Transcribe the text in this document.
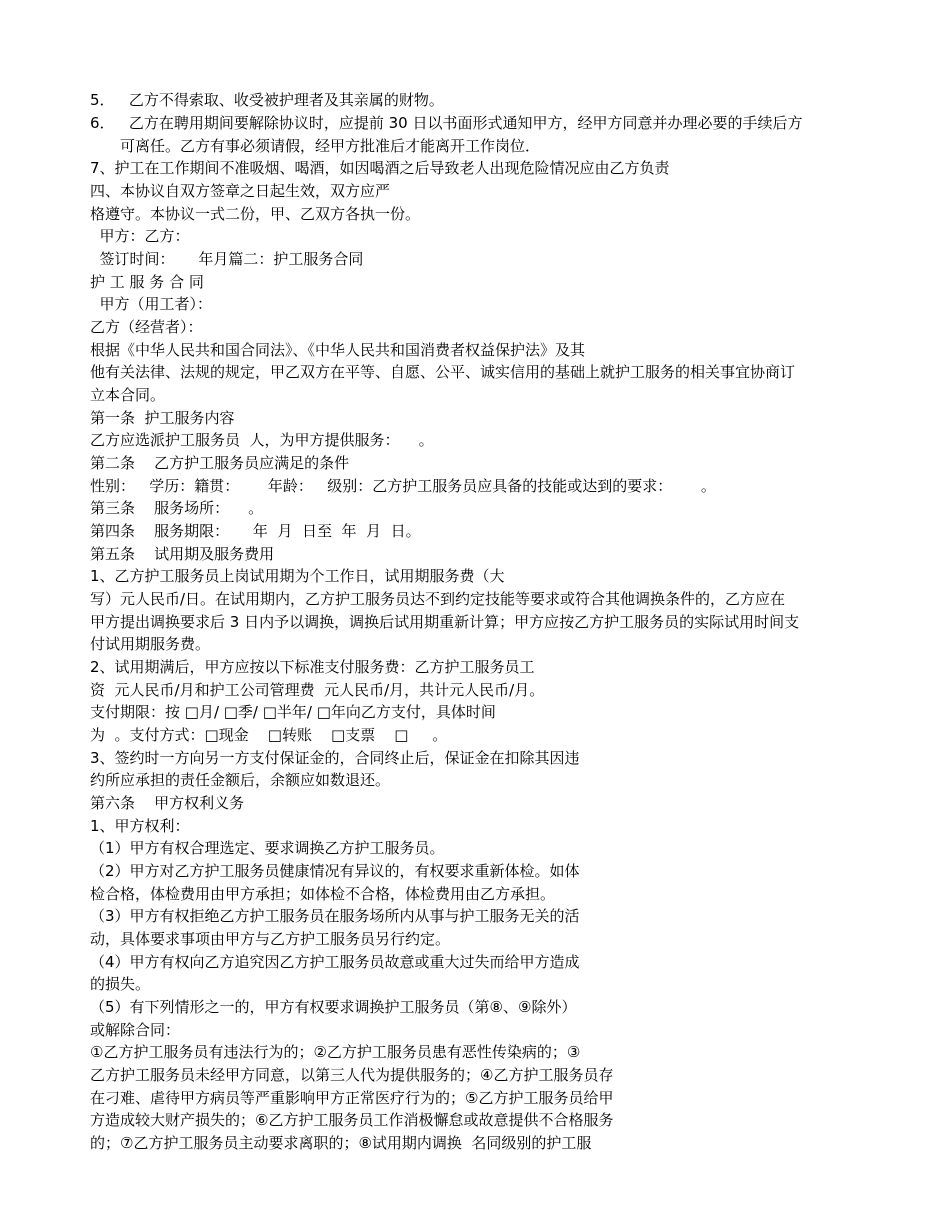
5．   乙方不得索取、收受被护理者及其亲属的财物。
6．   乙方在聘用期间要解除协议时，应提前 30 日以书面形式通知甲方，经甲方同意并办理必要的手续后方
可离任。乙方有事必须请假，经甲方批准后才能离开工作岗位．
7、护工在工作期间不准吸烟、喝酒，如因喝酒之后导致老人出现危险情况应由乙方负责
四、本协议自双方签章之日起生效，双方应严
格遵守。本协议一式二份，甲、乙双方各执一份。
甲方：乙方：
签订时间：     年月篇二：护工服务合同
护 工 服 务 合 同
甲方（用工者）：
乙方（经营者）：
根据《中华人民共和国合同法》、《中华人民共和国消费者权益保护法》及其
他有关法律、法规的规定，甲乙双方在平等、自愿、公平、诚实信用的基础上就护工服务的相关事宜协商订
立本合同。
第一条  护工服务内容
乙方应选派护工服务员  人，为甲方提供服务：    。
第二条    乙方护工服务员应满足的条件
性别：   学历：籍贯：      年龄：   级别：乙方护工服务员应具备的技能或达到的要求：      。
第三条    服务场所：    。
第四条    服务期限：     年  月  日至  年  月  日。
第五条    试用期及服务费用
1、乙方护工服务员上岗试用期为个工作日，试用期服务费（大
写）元人民币/日。在试用期内，乙方护工服务员达不到约定技能等要求或符合其他调换条件的，乙方应在
甲方提出调换要求后 3 日内予以调换，调换后试用期重新计算；甲方应按乙方护工服务员的实际试用时间支
付试用期服务费。
2、试用期满后，甲方应按以下标准支付服务费：乙方护工服务员工
资  元人民币/月和护工公司管理费  元人民币/月，共计元人民币/月。
支付期限：按 □月/ □季/ □半年/ □年向乙方支付，具体时间
为  。支付方式：□现金    □转账    □支票    □     。
3、签约时一方向另一方支付保证金的，合同终止后，保证金在扣除其因违
约所应承担的责任金额后，余额应如数退还。
第六条    甲方权利义务
1、甲方权利：
（1）甲方有权合理选定、要求调换乙方护工服务员。
（2）甲方对乙方护工服务员健康情况有异议的，有权要求重新体检。如体
检合格，体检费用由甲方承担；如体检不合格，体检费用由乙方承担。
（3）甲方有权拒绝乙方护工服务员在服务场所内从事与护工服务无关的活
动，具体要求事项由甲方与乙方护工服务员另行约定。
（4）甲方有权向乙方追究因乙方护工服务员故意或重大过失而给甲方造成
的损失。
（5）有下列情形之一的，甲方有权要求调换护工服务员（第⑧、⑨除外）
或解除合同：
①乙方护工服务员有违法行为的；②乙方护工服务员患有恶性传染病的；③
乙方护工服务员未经甲方同意，以第三人代为提供服务的；④乙方护工服务员存
在刁难、虐待甲方病员等严重影响甲方正常医疗行为的；⑤乙方护工服务员给甲
方造成较大财产损失的；⑥乙方护工服务员工作消极懈怠或故意提供不合格服务
的；⑦乙方护工服务员主动要求离职的；⑧试用期内调换  名同级别的护工服
